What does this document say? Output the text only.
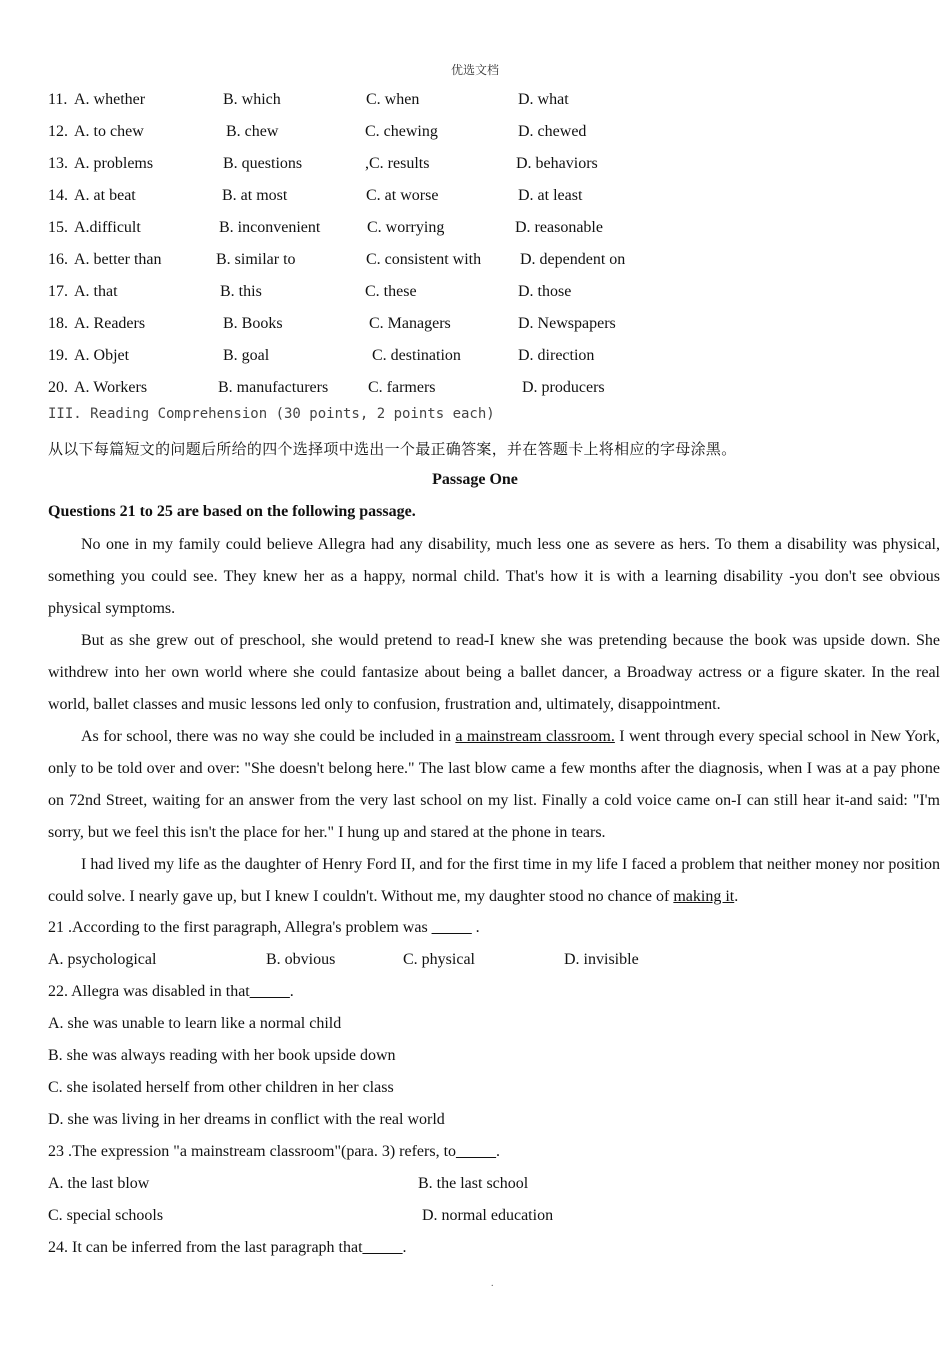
优选文档
11. A. whether	B. which	C. when	D. what
12. A. to chew	B. chew	C. chewing	D. chewed
13. A. problems	B. questions	,C. results	D. behaviors
14. A. at beat	B. at most	C. at worse	D. at least
15. A.difficult	B. inconvenient	C. worrying	D. reasonable
16. A. better than	B. similar to	C. consistent with D. dependent on
17. A. that	B. this	C. these	D. those
18. A. Readers	B. Books	C. Managers	D. Newspapers
19. A. Objet	B. goal	C. destination	D. direction
20. A. Workers	B. manufacturers C. farmers	D. producers
III. Reading Comprehension (30 points, 2 points each)
从以下每篇短文的问题后所给的四个选择项中选出一个最正确答案，并在答题卡上将相应的字母涂黑。
Passage One
Questions 21 to 25 are based on the following passage.

No one in my family could believe Allegra had any disability, much less one as severe as hers. To them a disability was physical, something you could see. They knew her as a happy, normal child. That's how it is with a learning disability -you don't see obvious physical symptoms.

But as she grew out of preschool, she would pretend to read-I knew she was pretending because the book was upside down. She withdrew into her own world where she could fantasize about being a ballet dancer, a Broadway actress or a figure skater. In the real world, ballet classes and music lessons led only to confusion, frustration and, ultimately, disappointment.

As for school, there was no way she could be included in a mainstream classroom. I went through every special school in New York, only to be told over and over: "She doesn't belong here." The last blow came a few months after the diagnosis, when I was at a pay phone on 72nd Street, waiting for an answer from the very last school on my list. Finally a cold voice came on-I can still hear it-and said: "I'm sorry, but we feel this isn't the place for her." I hung up and stared at the phone in tears.

I had lived my life as the daughter of Henry Ford II, and for the first time in my life I faced a problem that neither money nor position could solve. I nearly gave up, but I knew I couldn't. Without me, my daughter stood no chance of making it.

21 .According to the first paragraph, Allegra's problem was _____ .
A. psychological	B. obvious	C. physical	D. invisible
22. Allegra was disabled in that_____.
A. she was unable to learn like a normal child
B. she was always reading with her book upside down
C. she isolated herself from other children in her class
D. she was living in her dreams in conflict with the real world
23 .The expression "a mainstream classroom"(para. 3) refers, to_____.
A. the last blow	B. the last school
C. special schools	D. normal education
24. It can be inferred from the last paragraph that_____.
.
